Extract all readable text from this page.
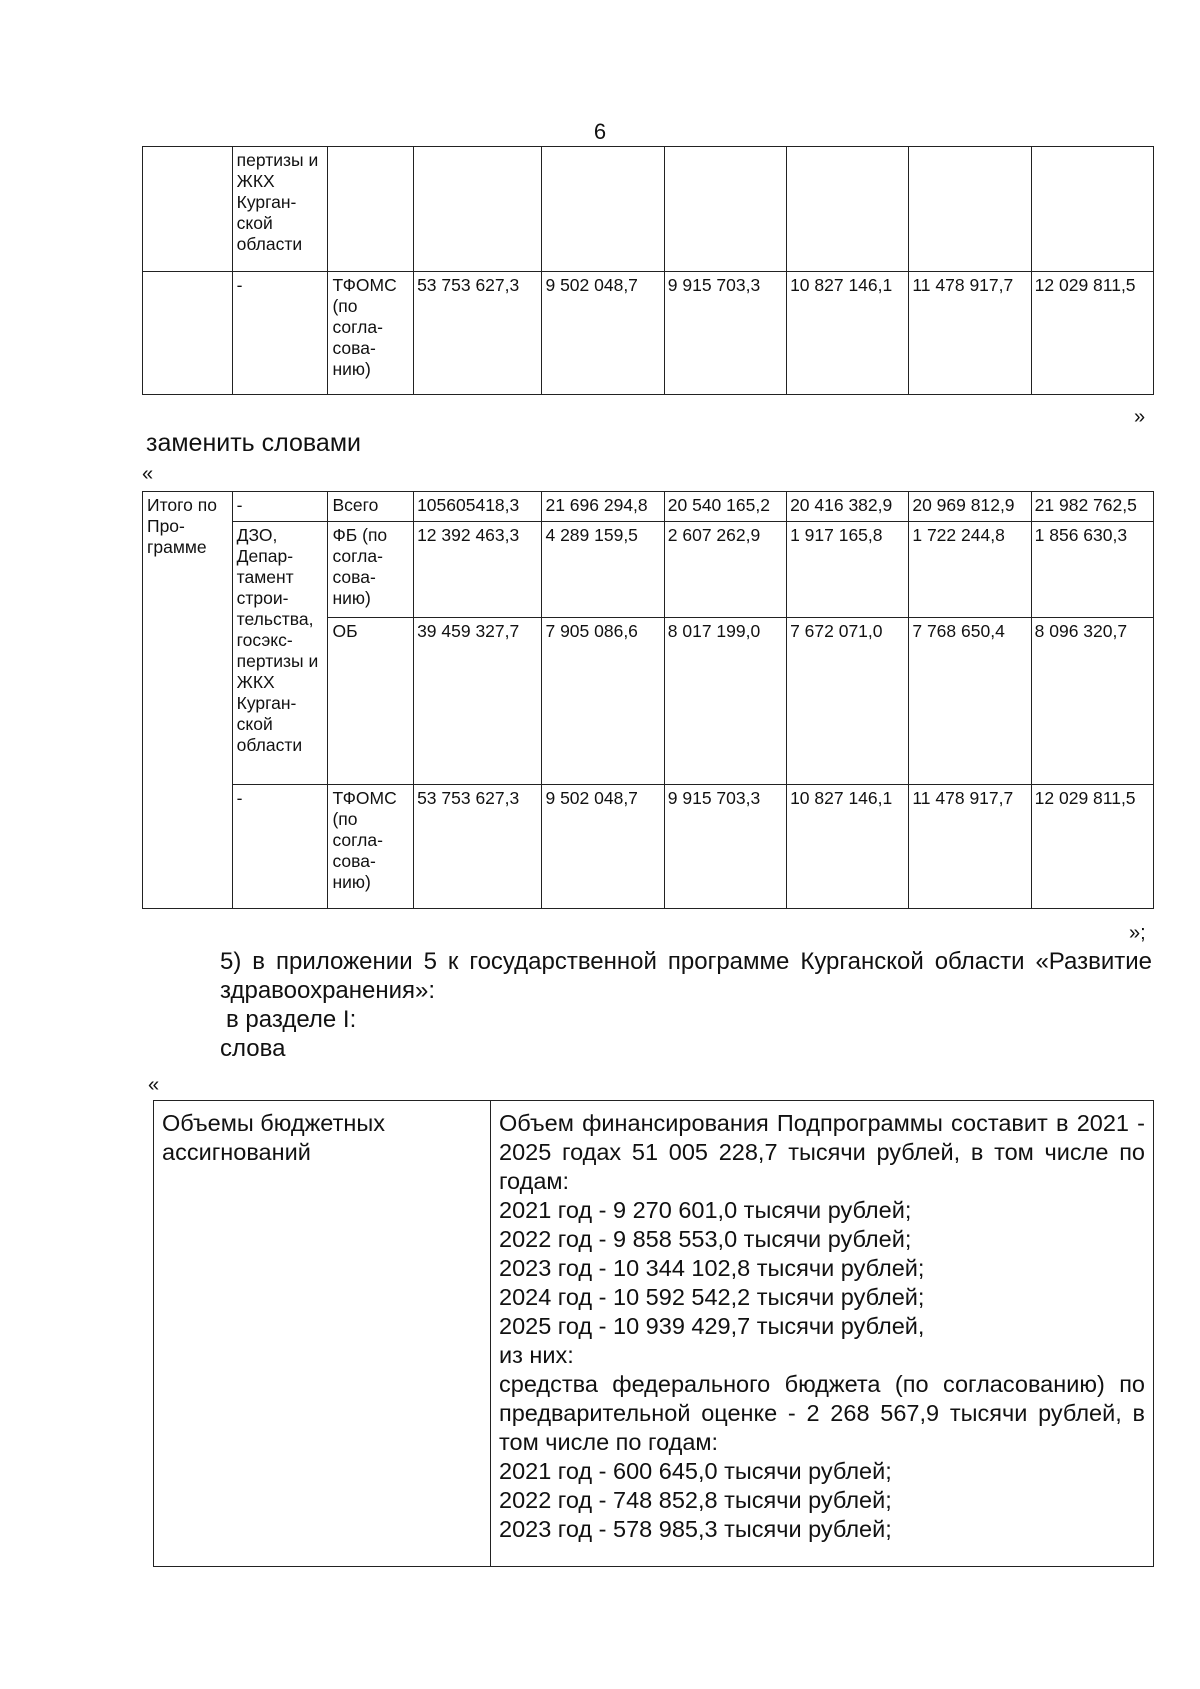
6
	пертизы и ЖКХ Курган- ской области							
	-	ТФОМС (по согла- сова- нию)	53 753 627,3	9 502 048,7	9 915 703,3	10 827 146,1	11 478 917,7	12 029 811,5
»
заменить словами
«
Итого по Про- грамме	-	Всего	105605418,3	21 696 294,8	20 540 165,2	20 416 382,9	20 969 812,9	21 982 762,5
	ДЗО, Депар- тамент строи- тельства, госэкс- пертизы и ЖКХ Курган- ской области	ФБ (по согла- сова- нию)	12 392 463,3	4 289 159,5	2 607 262,9	1 917 165,8	1 722 244,8	1 856 630,3
		ОБ	39 459 327,7	7 905 086,6	8 017 199,0	7 672 071,0	7 768 650,4	8 096 320,7
	-	ТФОМС (по согла- сова- нию)	53 753 627,3	9 502 048,7	9 915 703,3	10 827 146,1	11 478 917,7	12 029 811,5
»;
5) в приложении 5 к государственной программе Курганской области «Развитие здравоохранения»:
в разделе I:
слова
«
Объемы бюджетных ассигнований	
Объем финансирования Подпрограммы составит в 2021 - 2025 годах 51 005 228,7 тысячи рублей, в том числе по годам:
2021 год - 9 270 601,0 тысячи рублей;
2022 год - 9 858 553,0 тысячи рублей;
2023 год - 10 344 102,8 тысячи рублей;
2024 год - 10 592 542,2 тысячи рублей;
2025 год - 10 939 429,7 тысячи рублей,
из них:
средства федерального бюджета (по согласованию) по предварительной оценке - 2 268 567,9 тысячи рублей, в том числе по годам:
2021 год - 600 645,0 тысячи рублей;
2022 год - 748 852,8 тысячи рублей;
2023 год - 578 985,3 тысячи рублей;
